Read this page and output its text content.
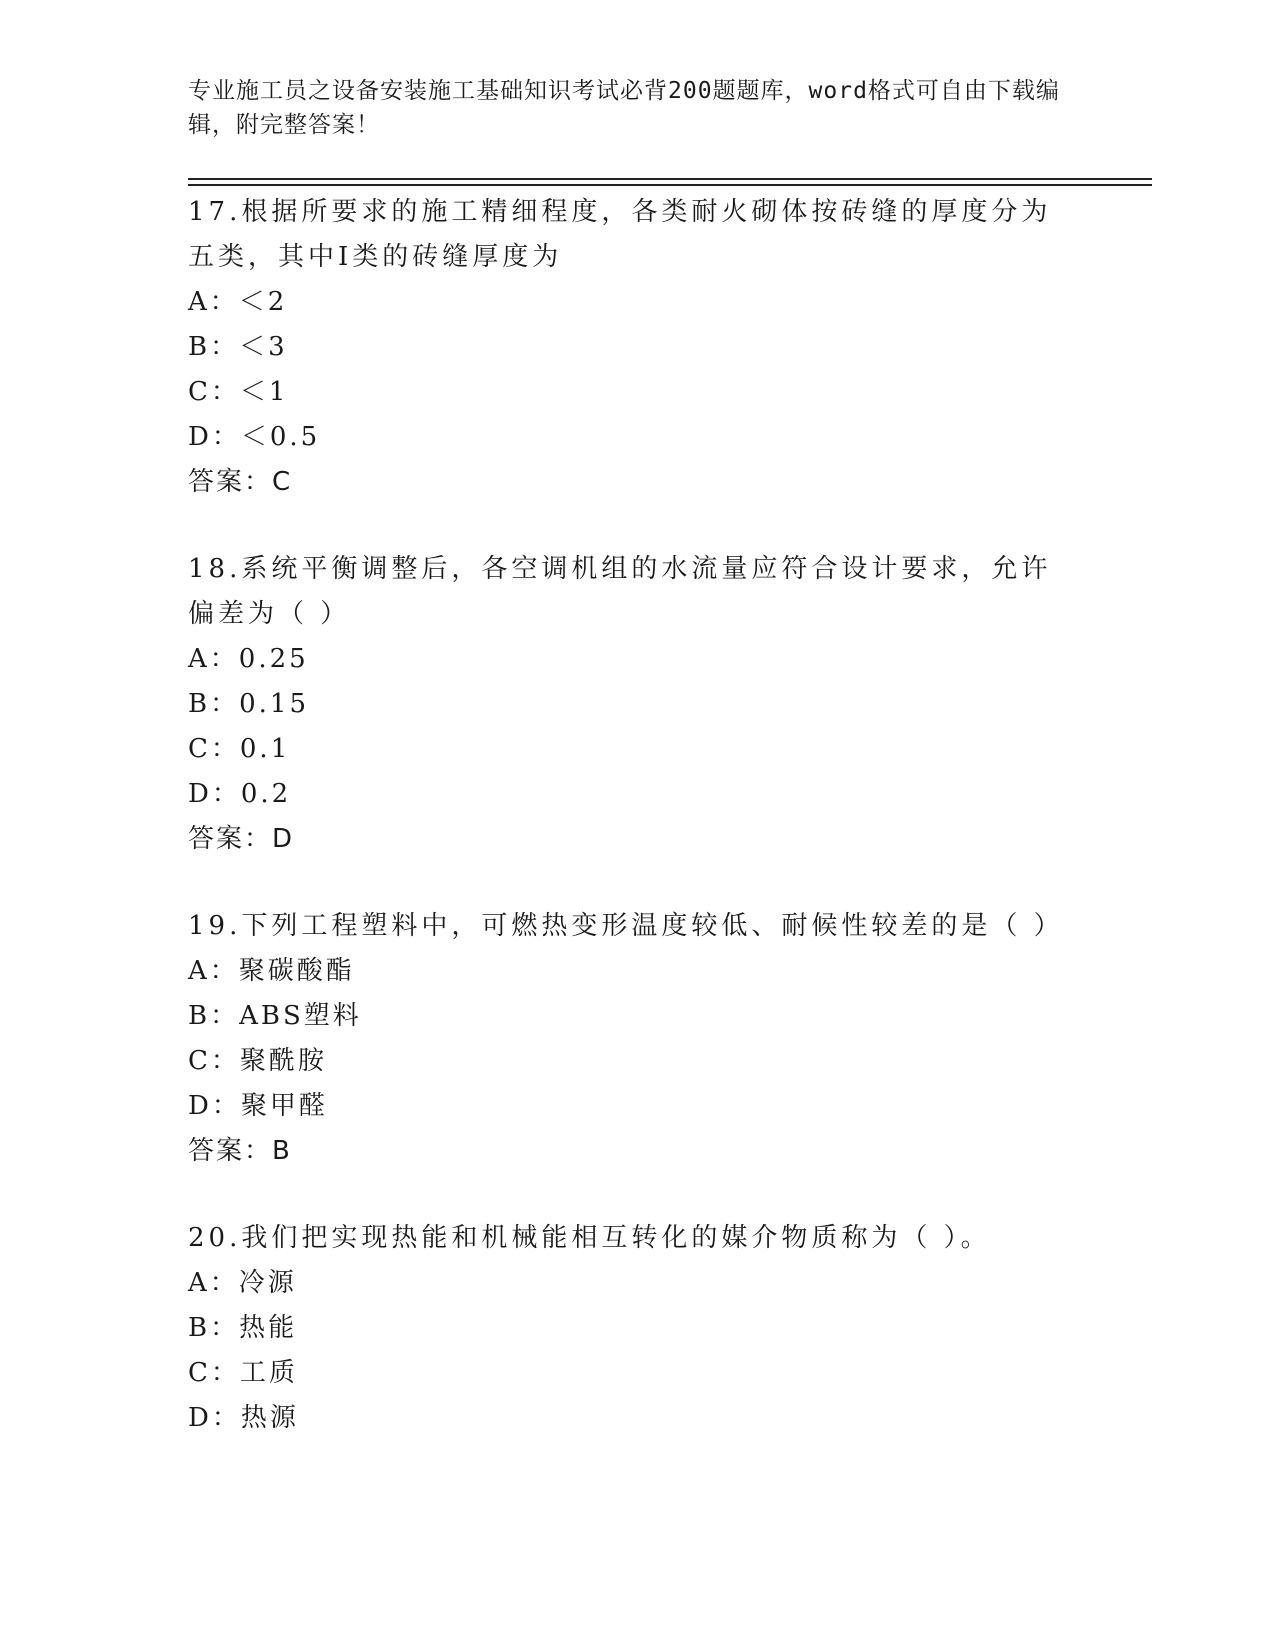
专业施工员之设备安装施工基础知识考试必背200题题库，word格式可自由下载编辑，附完整答案！

17.根据所要求的施工精细程度，各类耐火砌体按砖缝的厚度分为五类，其中Ⅰ类的砖缝厚度为

A：＜2

B：＜3

C：＜1

D：＜0.5

答案：C

18.系统平衡调整后，各空调机组的水流量应符合设计要求，允许偏差为（ ）

A：0.25

B：0.15

C：0.1

D：0.2

答案：D

19.下列工程塑料中，可燃热变形温度较低、耐候性较差的是（ ）

A：聚碳酸酯

B：ABS塑料

C：聚酰胺

D：聚甲醛

答案：B

20.我们把实现热能和机械能相互转化的媒介物质称为（ ）。

A：冷源

B：热能

C：工质

D：热源
